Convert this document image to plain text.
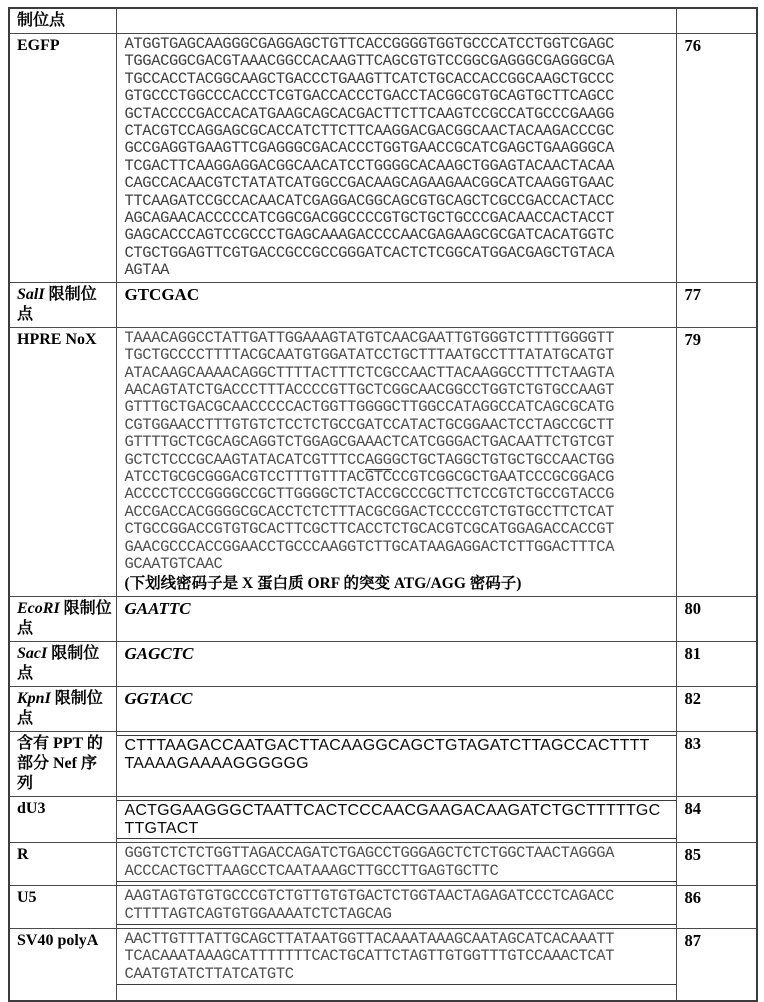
制位点		
EGFP	ATGGTGAGCAAGGGCGAGGAGCTGTTCACCGGGGTGGTGCCCATCCTGGTCGAGC
TGGACGGCGACGTAAACGGCCACAAGTTCAGCGTGTCCGGCGAGGGCGAGGGCGA
TGCCACCTACGGCAAGCTGACCCTGAAGTTCATCTGCACCACCGGCAAGCTGCCC
GTGCCCTGGCCCACCCTCGTGACCACCCTGACCTACGGCGTGCAGTGCTTCAGCC
GCTACCCCGACCACATGAAGCAGCACGACTTCTTCAAGTCCGCCATGCCCGAAGG
CTACGTCCAGGAGCGCACCATCTTCTTCAAGGACGACGGCAACTACAAGACCCGC
GCCGAGGTGAAGTTCGAGGGCGACACCCTGGTGAACCGCATCGAGCTGAAGGGCA
TCGACTTCAAGGAGGACGGCAACATCCTGGGGCACAAGCTGGAGTACAACTACAA
CAGCCACAACGTCTATATCATGGCCGACAAGCAGAAGAACGGCATCAAGGTGAAC
TTCAAGATCCGCCACAACATCGAGGACGGCAGCGTGCAGCTCGCCGACCACTACC
AGCAGAACACCCCCATCGGCGACGGCCCCGTGCTGCTGCCCGACAACCACTACCT
GAGCACCCAGTCCGCCCTGAGCAAAGACCCCAACGAGAAGCGCGATCACATGGTC
CTGCTGGAGTTCGTGACCGCCGCCGGGATCACTCTCGGCATGGACGAGCTGTACA
AGTAA
	76
SalI 限制位点	GTCGAC	77
HPRE NoX	TAAACAGGCCTATTGATTGGAAAGTATGTCAACGAATTGTGGGTCTTTTGGGGTT
TGCTGCCCCTTTTACGCAATGTGGATATCCTGCTTTAATGCCTTTATATGCATGT
ATACAAGCAAAACAGGCTTTTACTTTCTCGCCAACTTACAAGGCCTTTCTAAGTA
AACAGTATCTGACCCTTTACCCCGTTGCTCGGCAACGGCCTGGTCTGTGCCAAGT
GTTTGCTGACGCAACCCCCACTGGTTGGGGCTTGGCCATAGGCCATCAGCGCATG
CGTGGAACCTTTGTGTCTCCTCTGCCGATCCATACTGCGGAACTCCTAGCCGCTT
GTTTTGCTCGCAGCAGGTCTGGAGCGAAACTCATCGGGACTGACAATTCTGTCGT
GCTCTCCCGCAAGTATACATCGTTTCCAGGGCTGCTAGGCTGTGCTGCCAACTGG
ATCCTGCGCGGGACGTCCTTTGTTTACGTCCCGTCGGCGCTGAATCCCGCGGACG
ACCCCTCCCGGGGCCGCTTGGGGCTCTACCGCCCGCTTCTCCGTCTGCCGTACCG
ACCGACCACGGGGCGCACCTCTCTTTACGCGGACTCCCCGTCTGTGCCTTCTCAT
CTGCCGGACCGTGTGCACTTCGCTTCACCTCTGCACGTCGCATGGAGACCACCGT
GAACGCCCACCGGAACCTGCCCAAGGTCTTGCATAAGAGGACTCTTGGACTTTCA
GCAATGTCAAC
(下划线密码子是 X 蛋白质 ORF 的突变 ATG/AGG 密码子)
	79
EcoRI 限制位点	GAATTC	80
SacI 限制位点	GAGCTC	81
KpnI 限制位点	GGTACC	82
含有 PPT 的部分 Nef 序列	CTTTAAGACCAATGACTTACAAGGCAGCTGTAGATCTTAGCCACTTTT
TAAAAGAAAAGGGGGG	83
dU3	ACTGGAAGGGCTAATTCACTCCCAACGAAGACAAGATCTGCTTTTTGC
TTGTACT	84
R	GGGTCTCTCTGGTTAGACCAGATCTGAGCCTGGGAGCTCTCTGGCTAACTAGGGA
ACCCACTGCTTAAGCCTCAATAAAGCTTGCCTTGAGTGCTTC	85
U5	AAGTAGTGTGTGCCCGTCTGTTGTGTGACTCTGGTAACTAGAGATCCCTCAGACC
CTTTTAGTCAGTGTGGAAAATCTCTAGCAG	86
SV40 polyA	AACTTGTTTATTGCAGCTTATAATGGTTACAAATAAAGCAATAGCATCACAAATT
TCACAAATAAAGCATTTTTTTCACTGCATTCTAGTTGTGGTTTGTCCAAACTCAT
CAATGTATCTTATCATGTC	87
